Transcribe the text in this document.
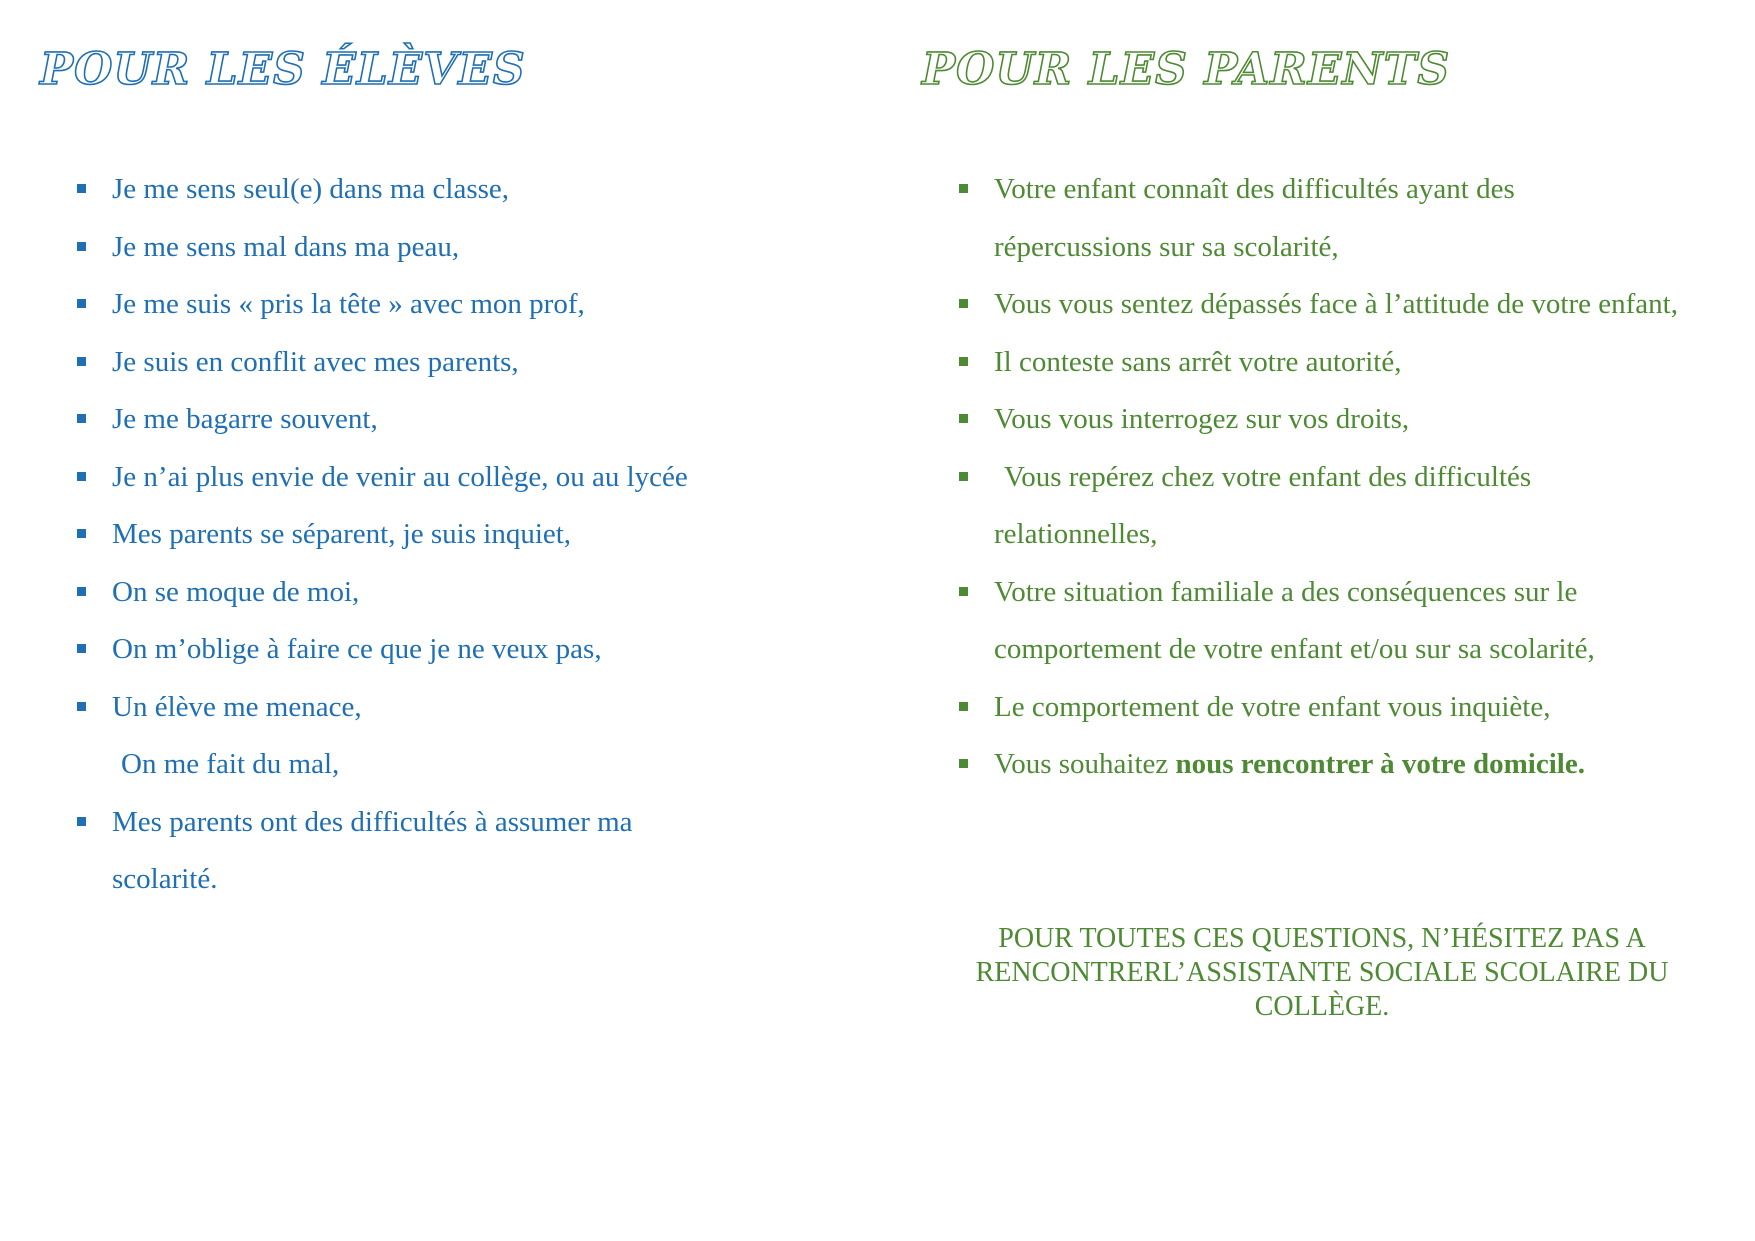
POUR LES ÉLÈVES
Je me sens seul(e) dans ma classe,
Je me sens mal dans ma peau,
Je me suis « pris la tête » avec mon prof,
Je suis en conflit avec mes parents,
Je me bagarre souvent,
Je n’ai plus envie de venir au collège, ou au lycée
Mes parents se séparent, je suis inquiet,
On se moque de moi,
On m’oblige à faire ce que je ne veux pas,
Un élève me menace,
On me fait du mal,
Mes parents ont des difficultés à assumer ma scolarité.
POUR LES PARENTS
Votre enfant connaît des difficultés ayant des répercussions sur sa scolarité,
Vous vous sentez dépassés face à l’attitude de votre enfant,
Il conteste sans arrêt votre autorité,
Vous vous interrogez sur vos droits,
Vous repérez chez votre enfant des difficultés relationnelles,
Votre situation familiale a des conséquences sur le comportement de votre enfant et/ou sur sa scolarité,
Le comportement de votre enfant vous inquiète,
Vous souhaitez nous rencontrer à votre domicile.

POUR TOUTES CES QUESTIONS, N’HÉSITEZ PAS A
RENCONTRERL’ASSISTANTE SOCIALE SCOLAIRE DU
COLLÈGE.
